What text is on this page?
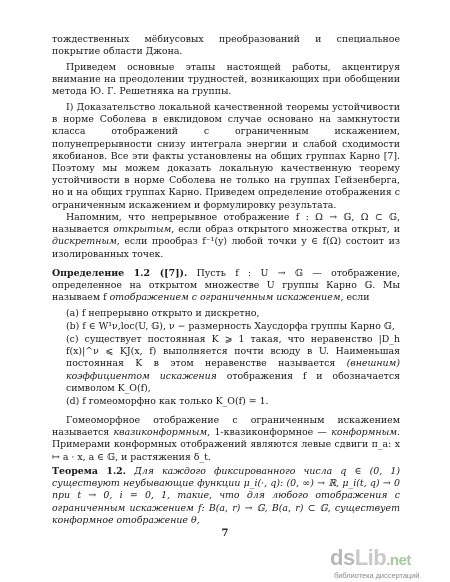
тождественных мёбиусовых преобразований и специальное покрытие области Джона.

Приведем основные этапы настоящей работы, акцентируя внимание на преодолении трудностей, возникающих при обобщении метода Ю. Г. Решетняка на группы.

I) Доказательство локальной качественной теоремы устойчивости в норме Соболева в евклидовом случае основано на замкнутости класса отображений с ограниченным искажением, полунепрерывности снизу интеграла энергии и слабой сходимости якобианов. Все эти факты установлены на общих группах Карно [7]. Поэтому мы можем доказать локальную качественную теорему устойчивости в норме Соболева не только на группах Гейзенберга, но и на общих группах Карно. Приведем определение отображения с ограниченным искажением и формулировку результата.

Напомним, что непрерывное отображение f : Ω → 𝔾, Ω ⊂ 𝔾, называется открытым, если образ открытого множества открыт, и дискретным, если прообраз f⁻¹(y) любой точки y ∈ f(Ω) состоит из изолированных точек.

Определение 1.2 ([7]). Пусть f : U → 𝔾 — отображение, определенное на открытом множестве U группы Карно 𝔾. Мы называем f отображением с ограниченным искажением, если

(a) f непрерывно открыто и дискретно,
(b) f ∈ W¹ν,loc(U, 𝔾), ν − размерность Хаусдорфа группы Карно 𝔾,
(c) существует постоянная K ⩾ 1 такая, что неравенство |D_h f(x)|^ν ⩽ KJ(x, f) выполняется почти всюду в U. Наименьшая постоянная K в этом неравенстве называется (внешним) коэффициентом искажения отображения f и обозначается символом K_O(f),
(d) f гомеоморфно как только K_O(f) = 1.

Гомеоморфное отображение с ограниченным искажением называется квазиконформным, 1-квазиконформное — конформным. Примерами конформных отображений являются левые сдвиги π_a: x ↦ a · x, a ∈ 𝔾, и растяжения δ_t.

Теорема 1.2. Для каждого фиксированного числа q ∈ (0, 1) существуют неубывающие функции μ_i(·, q): (0, ∞) → ℝ, μ_i(t, q) → 0 при t → 0, i = 0, 1, такие, что для любого отображения с ограниченным искажением f: B(a, r) → 𝔾, B(a, r) ⊂ 𝔾, существует конформное отображение θ,

7
dsLib.net
библиотека диссертаций
